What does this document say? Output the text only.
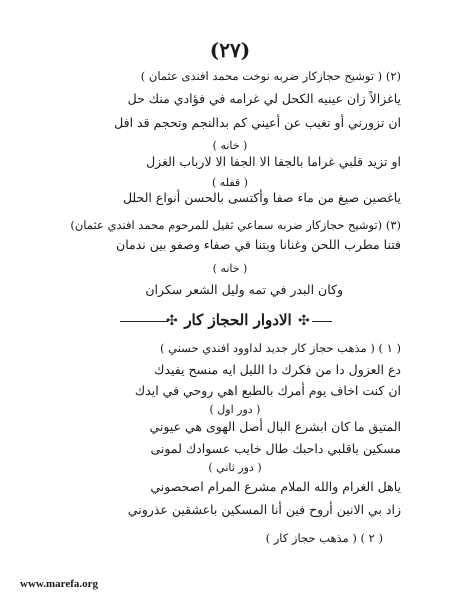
(٢٧)
(٢) ( توشيح حجازكار ضربه نوخت محمد افندى عثمان )
ياغزالاً زان عينيه الكحل لي غرامه في فؤادي منك حل
ان تزورني أو تغيب عن أعيني كم بدالنجم وتحجم قد افل
( خانه )
او تزيد قلبي غراما بالجفا الا الجفا الا لارباب الغزل
( قفله )
ياغصين صيغ من ماء صفا وأكتسى بالحسن أنواع الحلل
(٣) (توشيح حجازكار ضربه سماعي ثقيل للمرحوم محمد افندي عثمان)
فتنا مطرب اللحن وغنانا وبتنا في صفاء وصفو بين ندمان
( خانه )
وكان البدر في تمه وليل الشعر سكران
✣ الادوار الحجاز كار ✣
( ١ ) ( مذهب حجاز كار جديد لداوود افندي حسني )
دع العزول دا من فكرك دا الليل ايه منسح يفيدك
ان كنت اخاف يوم أمرك بالطبع اهي روحي في ايدك
( دور اول )
المتيق ما كان ابشرع البال أصل الهوى هي عيوني
مسكين ياقلبي داحبك طال خايب عسوادك لمونى
( دور ثاني )
ياهل الغرام والله الملام مشرع المرام اصحصوني
زاد بي الانين أروح فين أنا المسكين باعشقين عذروني
( ٢ ) ( مذهب حجاز كار )
www.marefa.org
